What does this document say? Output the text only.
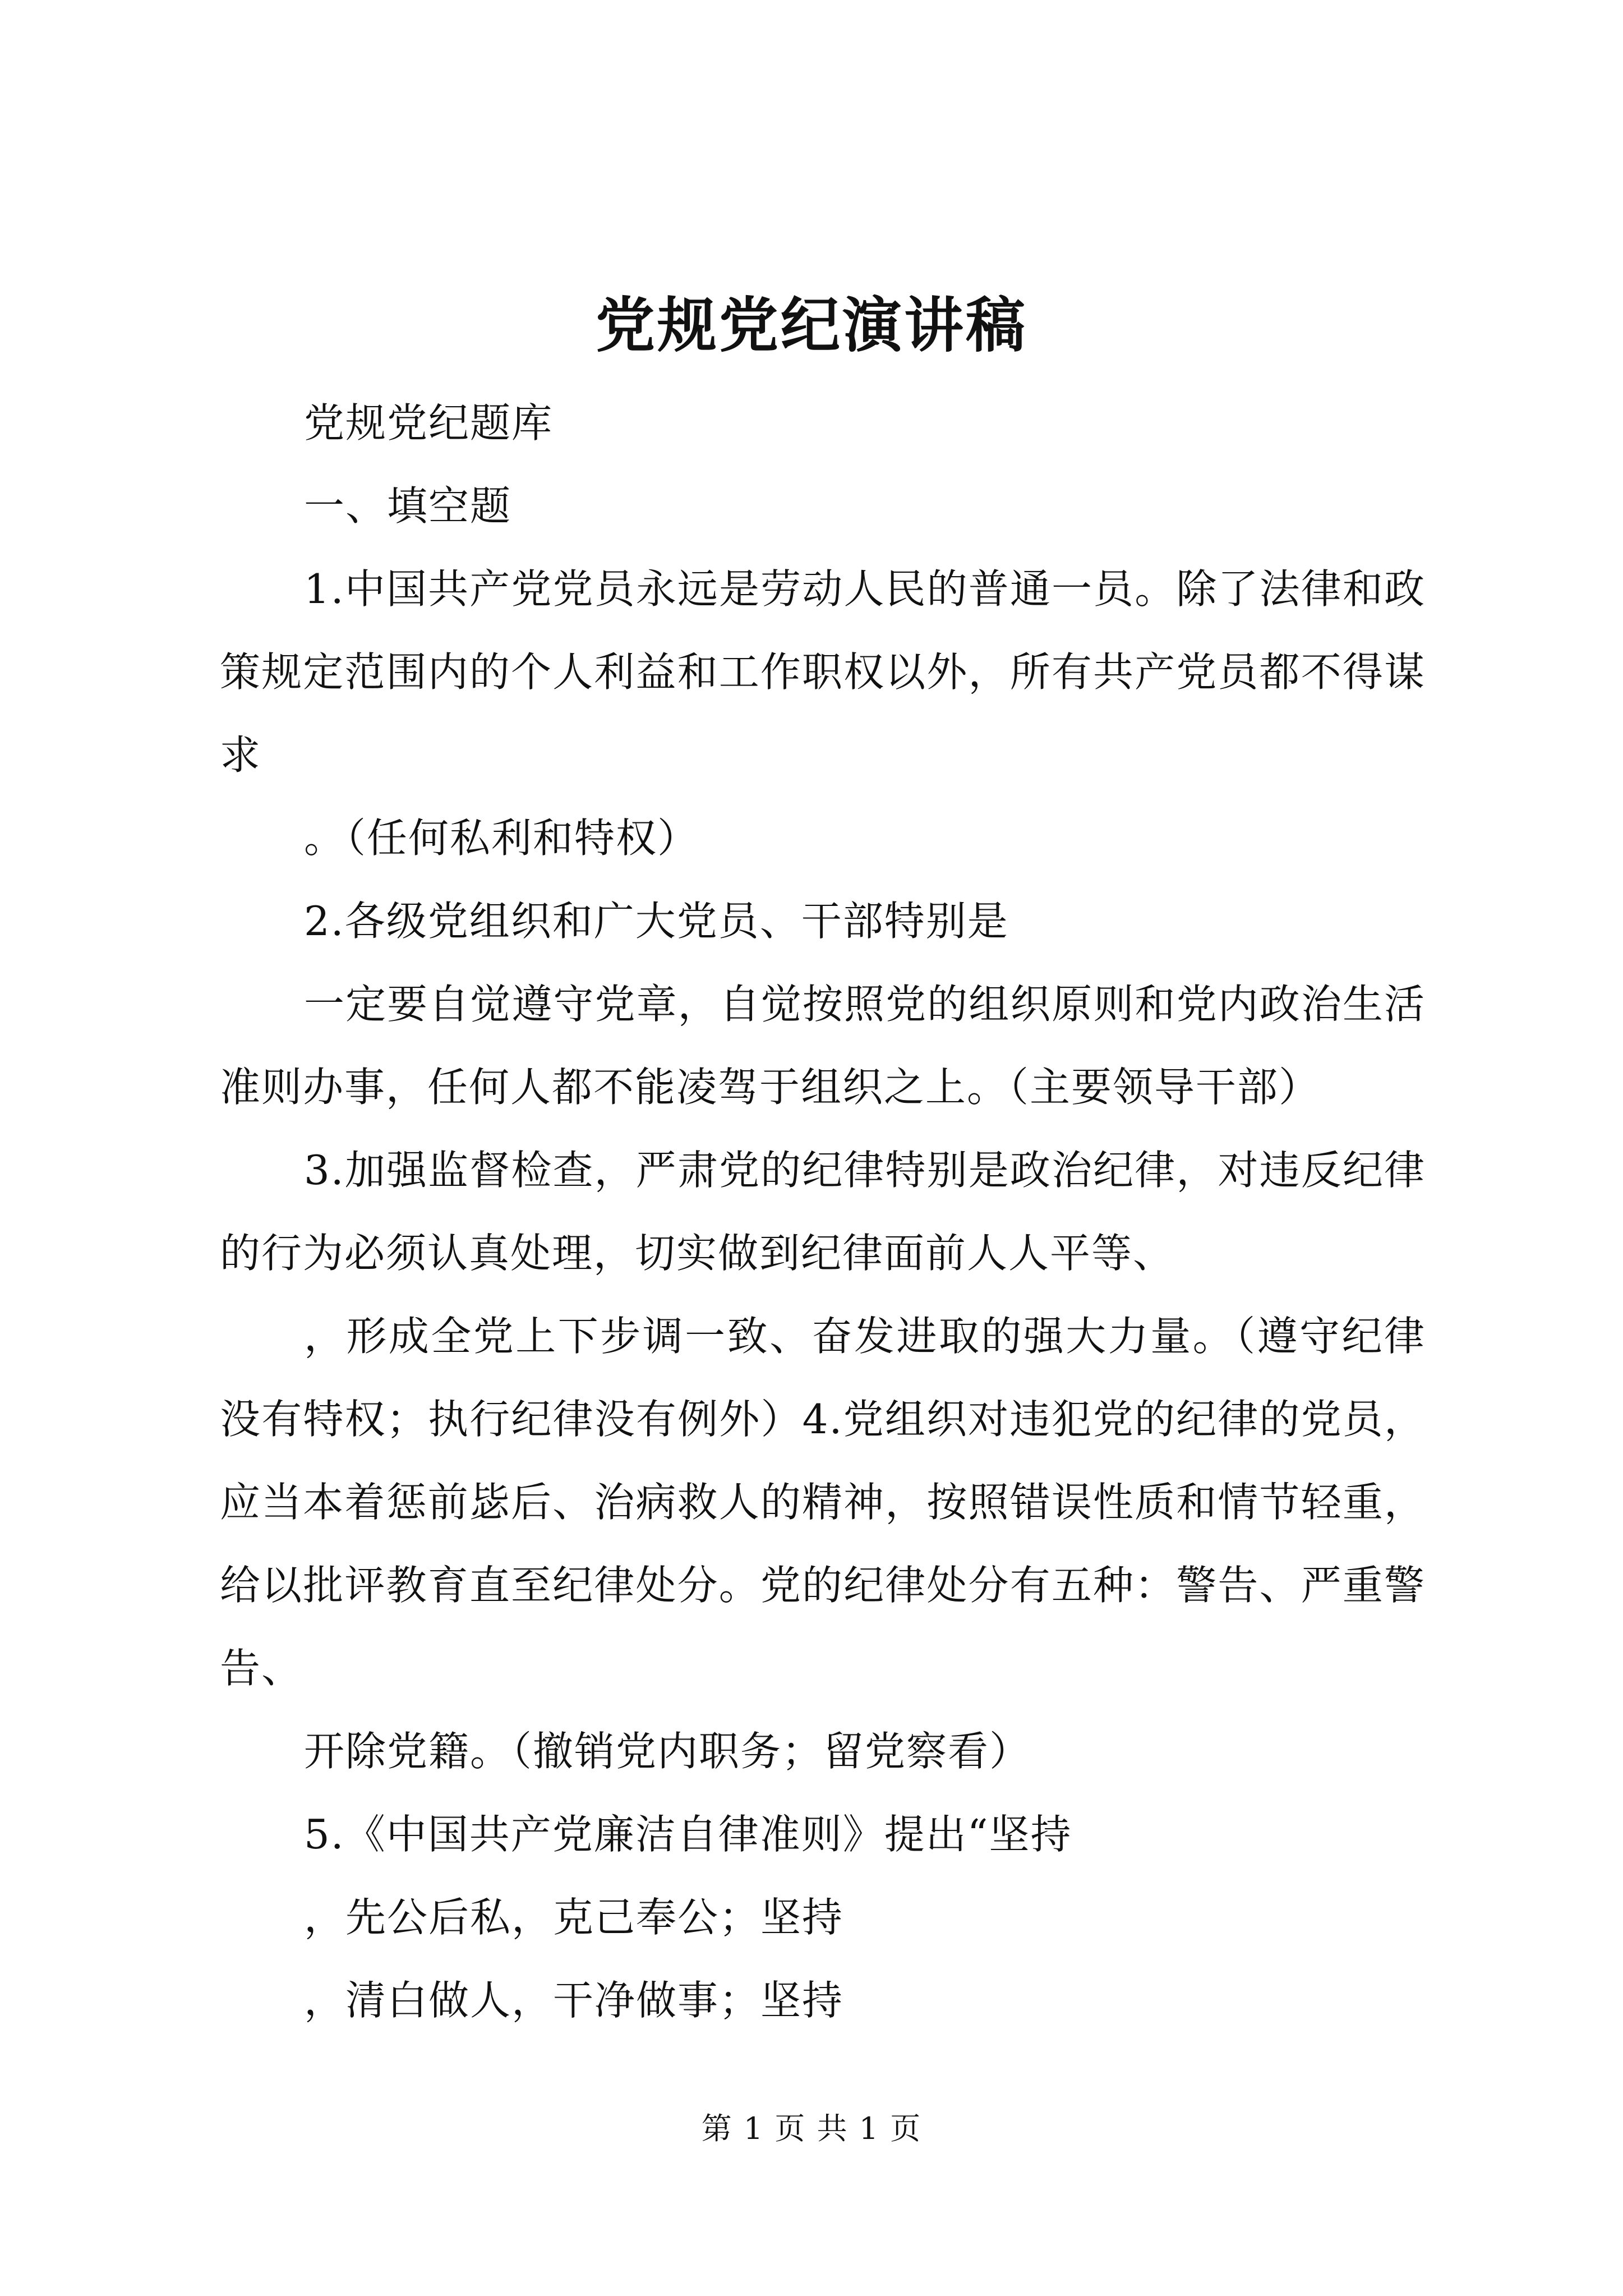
党规党纪演讲稿

党规党纪题库

一、填空题

1.中国共产党党员永远是劳动人民的普通一员。除了法律和政策规定范围内的个人利益和工作职权以外，所有共产党员都不得谋求

。（任何私利和特权）

2.各级党组织和广大党员、干部特别是

一定要自觉遵守党章，自觉按照党的组织原则和党内政治生活准则办事，任何人都不能凌驾于组织之上。（主要领导干部）

3.加强监督检查，严肃党的纪律特别是政治纪律，对违反纪律的行为必须认真处理，切实做到纪律面前人人平等、

，形成全党上下步调一致、奋发进取的强大力量。（遵守纪律没有特权；执行纪律没有例外）4.党组织对违犯党的纪律的党员，应当本着惩前毖后、治病救人的精神，按照错误性质和情节轻重，给以批评教育直至纪律处分。党的纪律处分有五种：警告、严重警告、

开除党籍。（撤销党内职务；留党察看）

5.《中国共产党廉洁自律准则》提出“坚持

，先公后私，克己奉公；坚持

，清白做人，干净做事；坚持

第 1 页 共 1 页
